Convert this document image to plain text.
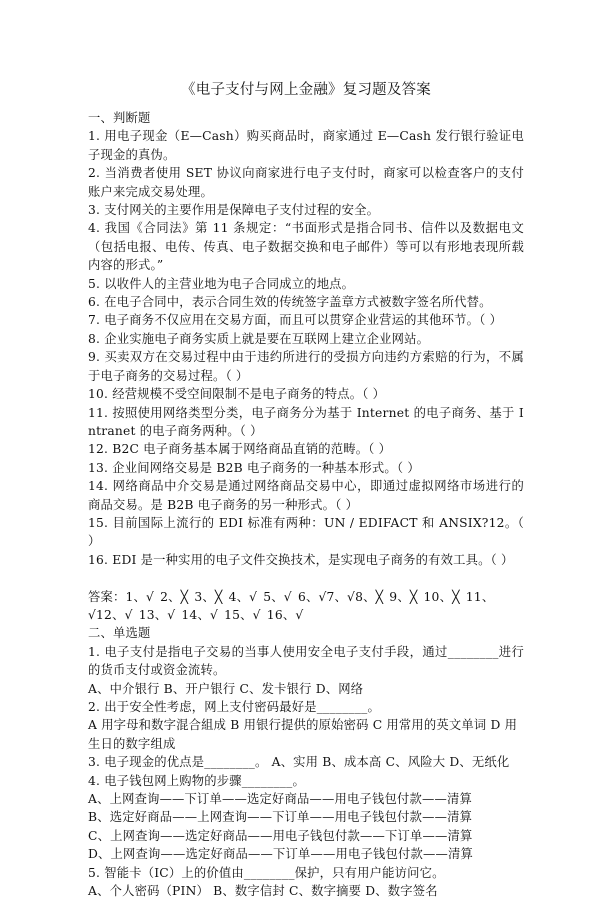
《电子支付与网上金融》复习题及答案
一、判断题
1. 用电子现金（E—Cash）购买商品时，商家通过 E—Cash 发行银行验证电子现金的真伪。
2. 当消费者使用 SET 协议向商家进行电子支付时，商家可以检查客户的支付账户来完成交易处理。
3. 支付网关的主要作用是保障电子支付过程的安全。
4. 我国《合同法》第 11 条规定：“书面形式是指合同书、信件以及数据电文（包括电报、电传、传真、电子数据交换和电子邮件）等可以有形地表现所载内容的形式。”
5. 以收件人的主营业地为电子合同成立的地点。
6. 在电子合同中，表示合同生效的传统签字盖章方式被数字签名所代替。
7. 电子商务不仅应用在交易方面，而且可以贯穿企业营运的其他环节。（ ）
8. 企业实施电子商务实质上就是要在互联网上建立企业网站。
9. 买卖双方在交易过程中由于违约所进行的受损方向违约方索赔的行为，不属于电子商务的交易过程。（ ）
10. 经营规模不受空间限制不是电子商务的特点。（ ）
11. 按照使用网络类型分类，电子商务分为基于 Internet 的电子商务、基于 Intranet 的电子商务两种。（ ）
12. B2C 电子商务基本属于网络商品直销的范畴。（ ）
13. 企业间网络交易是 B2B 电子商务的一种基本形式。（ ）
14. 网络商品中介交易是通过网络商品交易中心，即通过虚拟网络市场进行的商品交易。是 B2B 电子商务的另一种形式。（ ）
15. 目前国际上流行的 EDI 标准有两种：UN / EDIFACT 和 ANSIX?12。（ ）
16. EDI 是一种实用的电子文件交换技术，是实现电子商务的有效工具。（ ）
答案：1、√ 2、╳ 3、╳ 4、√ 5、√ 6、√7、√8、╳ 9、╳ 10、╳ 11、√12、√ 13、√ 14、√ 15、√ 16、√
二、单选题
1. 电子支付是指电子交易的当事人使用安全电子支付手段，通过________进行的货币支付或资金流转。
A、中介银行 B、开户银行 C、发卡银行 D、网络
2. 出于安全性考虑，网上支付密码最好是________。
A 用字母和数字混合組成 B 用银行提供的原始密码 C 用常用的英文单词 D 用生日的数字组成
3. 电子现金的优点是________。 A、实用 B、成本高 C、风险大 D、无纸化
4. 电子钱包网上购物的步骤________。
A、上网查询——下订单——选定好商品——用电子钱包付款——清算
B、选定好商品——上网查询——下订单——用电子钱包付款——清算
C、上网查询——选定好商品——用电子钱包付款——下订单——清算
D、上网查询——选定好商品——下订单——用电子钱包付款——清算
5. 智能卡（IC）上的价值由________保护，只有用户能访问它。
A、个人密码（PIN） B、数字信封 C、数字摘要 D、数字签名
